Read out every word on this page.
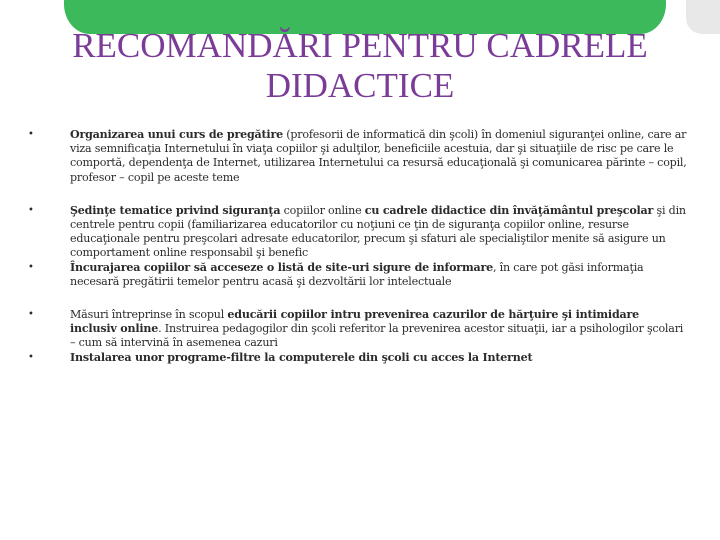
RECOMANDĂRI PENTRU CADRELE
DIDACTICE
•	Organizarea unui curs de pregătire (profesorii de informatică din şcoli) în domeniul siguranţei online, care ar viza semnificaţia Internetului în viaţa copiilor şi adulţilor, beneficiile acestuia, dar şi situaţiile de risc pe care le comportă, dependenţa de Internet, utilizarea Internetului ca resursă educaţională şi comunicarea părinte – copil, profesor – copil pe aceste teme
•	Şedinţe tematice privind siguranţa copiilor online cu cadrele didactice din învăţământul preşcolar şi din centrele pentru copii (familiarizarea educatorilor cu noţiuni ce ţin de siguranţa copiilor online, resurse educaţionale pentru preşcolari adresate educatorilor, precum şi sfaturi ale specialiştilor menite să asigure un comportament online responsabil şi benefic
•	Încurajarea copiilor să acceseze o listă de site-uri sigure de informare, în care pot găsi informaţia necesară pregătirii temelor pentru acasă şi dezvoltării lor intelectuale
•	Măsuri întreprinse în scopul educării copiilor intru prevenirea cazurilor de hărţuire şi intimidare inclusiv online. Instruirea pedagogilor din şcoli referitor la prevenirea acestor situaţii, iar a psihologilor şcolari – cum să intervină în asemenea cazuri
•	Instalarea unor programe-filtre la computerele din şcoli cu acces la Internet
